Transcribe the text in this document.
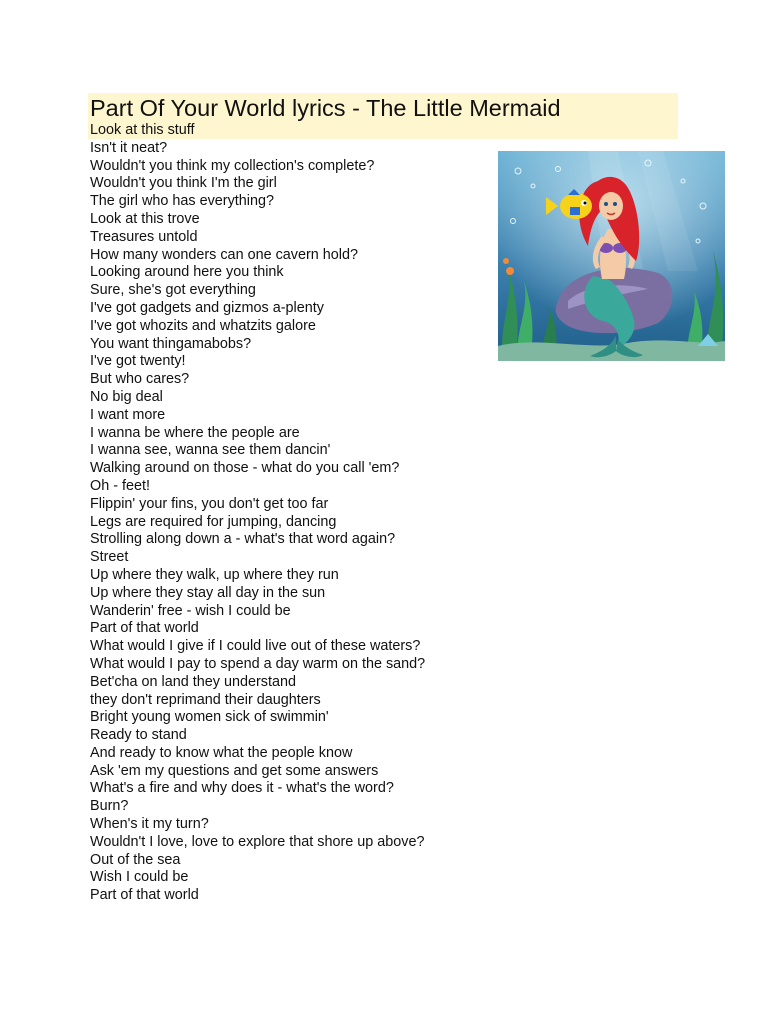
Part Of Your World lyrics - The Little Mermaid
Look at this stuff
Isn't it neat?
Wouldn't you think my collection's complete?
Wouldn't you think I'm the girl
The girl who has everything?
Look at this trove
Treasures untold
How many wonders can one cavern hold?
Looking around here you think
Sure, she's got everything
I've got gadgets and gizmos a-plenty
I've got whozits and whatzits galore
You want thingamabobs?
I've got twenty!
But who cares?
No big deal
I want more
I wanna be where the people are
I wanna see, wanna see them dancin'
Walking around on those - what do you call 'em?
Oh - feet!
Flippin' your fins, you don't get too far
Legs are required for jumping, dancing
Strolling along down a - what's that word again?
Street
Up where they walk, up where they run
Up where they stay all day in the sun
Wanderin' free - wish I could be
Part of that world
What would I give if I could live out of these waters?
What would I pay to spend a day warm on the sand?
Bet'cha on land they understand
they don't reprimand their daughters
Bright young women sick of swimmin'
Ready to stand
And ready to know what the people know
Ask 'em my questions and get some answers
What's a fire and why does it - what's the word?
Burn?
When's it my turn?
Wouldn't I love, love to explore that shore up above?
Out of the sea
Wish I could be
Part of that world
